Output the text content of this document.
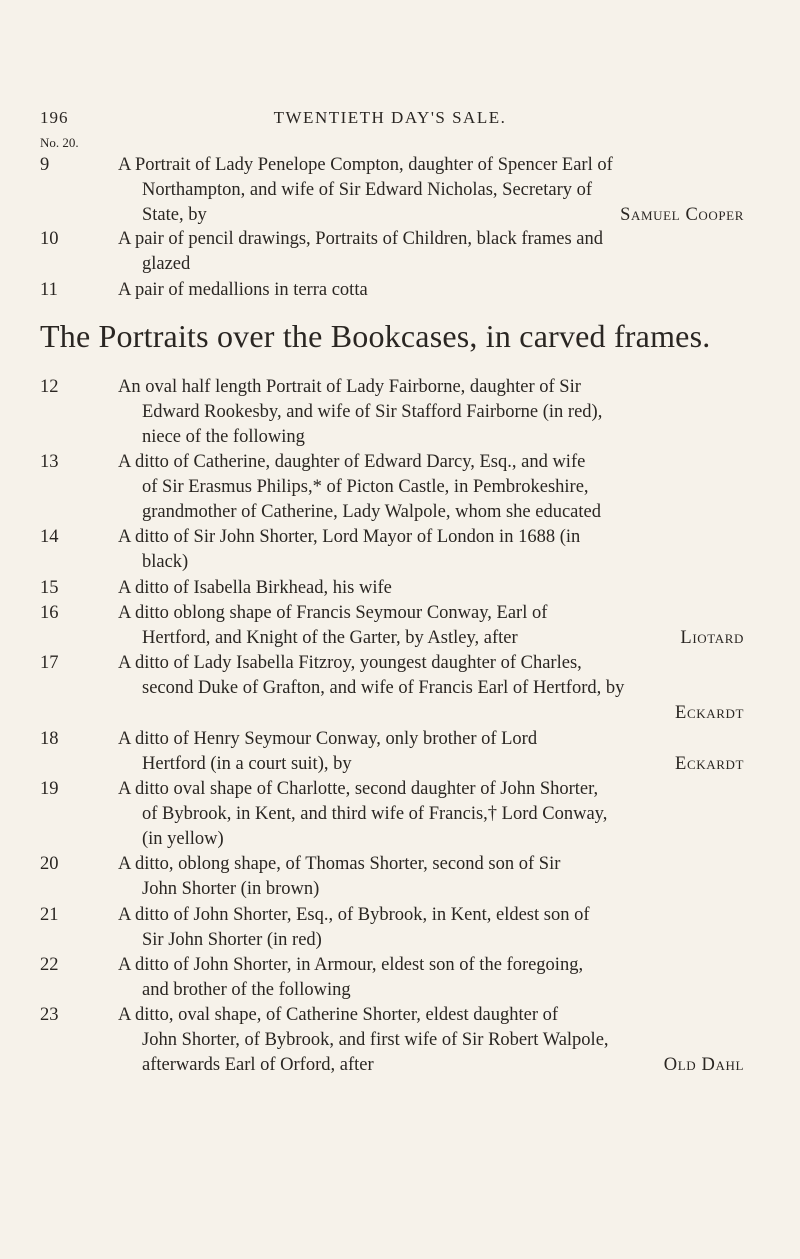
196	TWENTIETH DAY'S SALE.
No. 20.
9	A Portrait of Lady Penelope Compton, daughter of Spencer Earl of
Northampton, and wife of Sir Edward Nicholas, Secretary of
State, by	Samuel Cooper
10	A pair of pencil drawings, Portraits of Children, black frames and
glazed
11	A pair of medallions in terra cotta
The Portraits over the Bookcases, in carved frames.
12	An oval half length Portrait of Lady Fairborne, daughter of Sir
Edward Rookesby, and wife of Sir Stafford Fairborne (in red),
niece of the following
13	A ditto of Catherine, daughter of Edward Darcy, Esq., and wife
of Sir Erasmus Philips,* of Picton Castle, in Pembrokeshire,
grandmother of Catherine, Lady Walpole, whom she educated
14	A ditto of Sir John Shorter, Lord Mayor of London in 1688 (in
black)
15	A ditto of Isabella Birkhead, his wife
16	A ditto oblong shape of Francis Seymour Conway, Earl of
Hertford, and Knight of the Garter, by Astley, after	Liotard
17	A ditto of Lady Isabella Fitzroy, youngest daughter of Charles,
second Duke of Grafton, and wife of Francis Earl of Hertford, by
Eckardt
18	A ditto of Henry Seymour Conway, only brother of Lord
Hertford (in a court suit), by	Eckardt
19	A ditto oval shape of Charlotte, second daughter of John Shorter,
of Bybrook, in Kent, and third wife of Francis,† Lord Conway,
(in yellow)
20	A ditto, oblong shape, of Thomas Shorter, second son of Sir
John Shorter (in brown)
21	A ditto of John Shorter, Esq., of Bybrook, in Kent, eldest son of
Sir John Shorter (in red)
22	A ditto of John Shorter, in Armour, eldest son of the foregoing,
and brother of the following
23	A ditto, oval shape, of Catherine Shorter, eldest daughter of
John Shorter, of Bybrook, and first wife of Sir Robert Walpole,
afterwards Earl of Orford, after	Old Dahl
